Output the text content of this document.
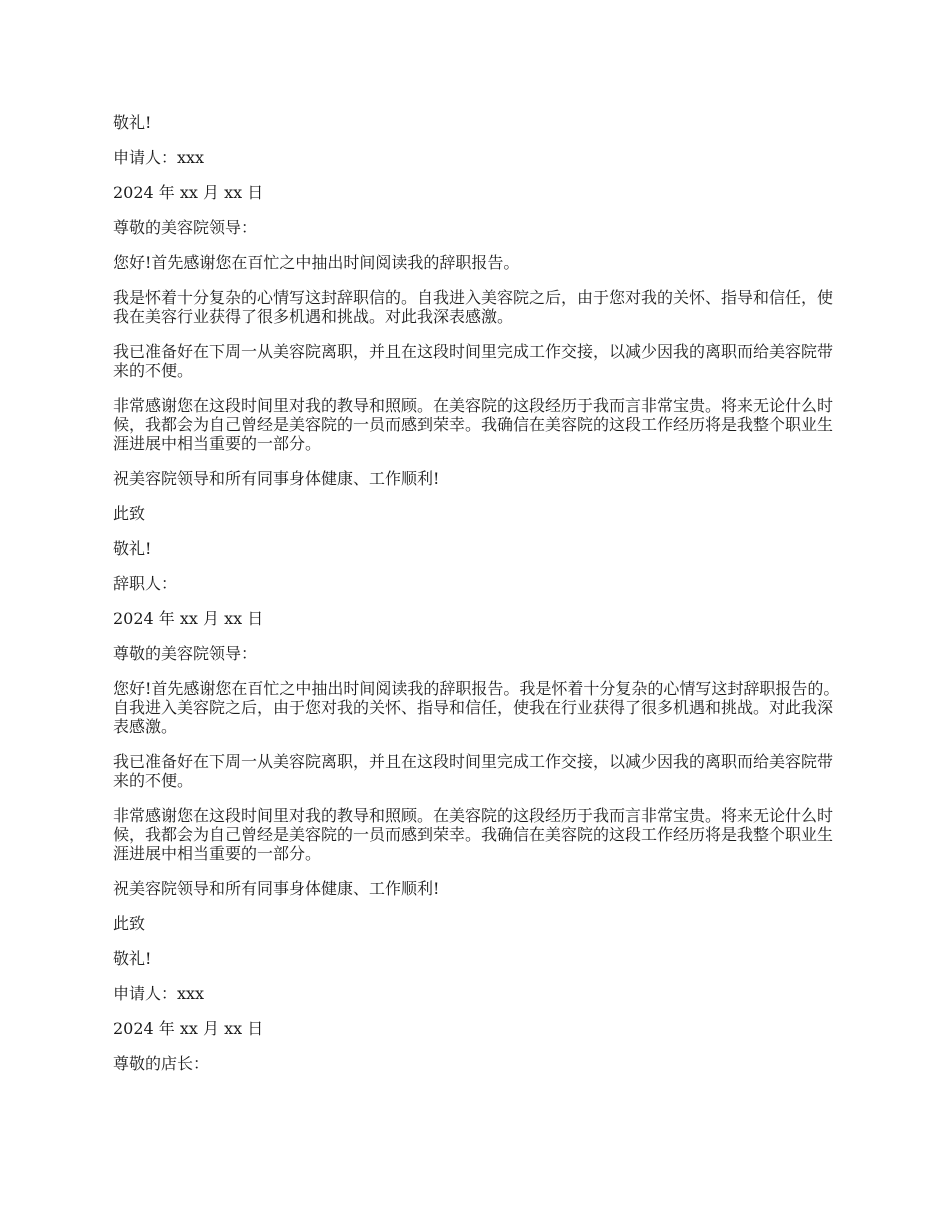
敬礼!

申请人：xxx

2024 年 xx 月 xx 日

尊敬的美容院领导：

您好!首先感谢您在百忙之中抽出时间阅读我的辞职报告。

我是怀着十分复杂的心情写这封辞职信的。自我进入美容院之后，由于您对我的关怀、指导和信任，使我在美容行业获得了很多机遇和挑战。对此我深表感激。

我已准备好在下周一从美容院离职，并且在这段时间里完成工作交接，以减少因我的离职而给美容院带来的不便。

非常感谢您在这段时间里对我的教导和照顾。在美容院的这段经历于我而言非常宝贵。将来无论什么时候，我都会为自己曾经是美容院的一员而感到荣幸。我确信在美容院的这段工作经历将是我整个职业生涯进展中相当重要的一部分。

祝美容院领导和所有同事身体健康、工作顺利!

此致

敬礼!

辞职人：

2024 年 xx 月 xx 日

尊敬的美容院领导：

您好!首先感谢您在百忙之中抽出时间阅读我的辞职报告。我是怀着十分复杂的心情写这封辞职报告的。自我进入美容院之后，由于您对我的关怀、指导和信任，使我在行业获得了很多机遇和挑战。对此我深表感激。

我已准备好在下周一从美容院离职，并且在这段时间里完成工作交接，以减少因我的离职而给美容院带来的不便。

非常感谢您在这段时间里对我的教导和照顾。在美容院的这段经历于我而言非常宝贵。将来无论什么时候，我都会为自己曾经是美容院的一员而感到荣幸。我确信在美容院的这段工作经历将是我整个职业生涯进展中相当重要的一部分。

祝美容院领导和所有同事身体健康、工作顺利!

此致

敬礼!

申请人：xxx

2024 年 xx 月 xx 日

尊敬的店长：
